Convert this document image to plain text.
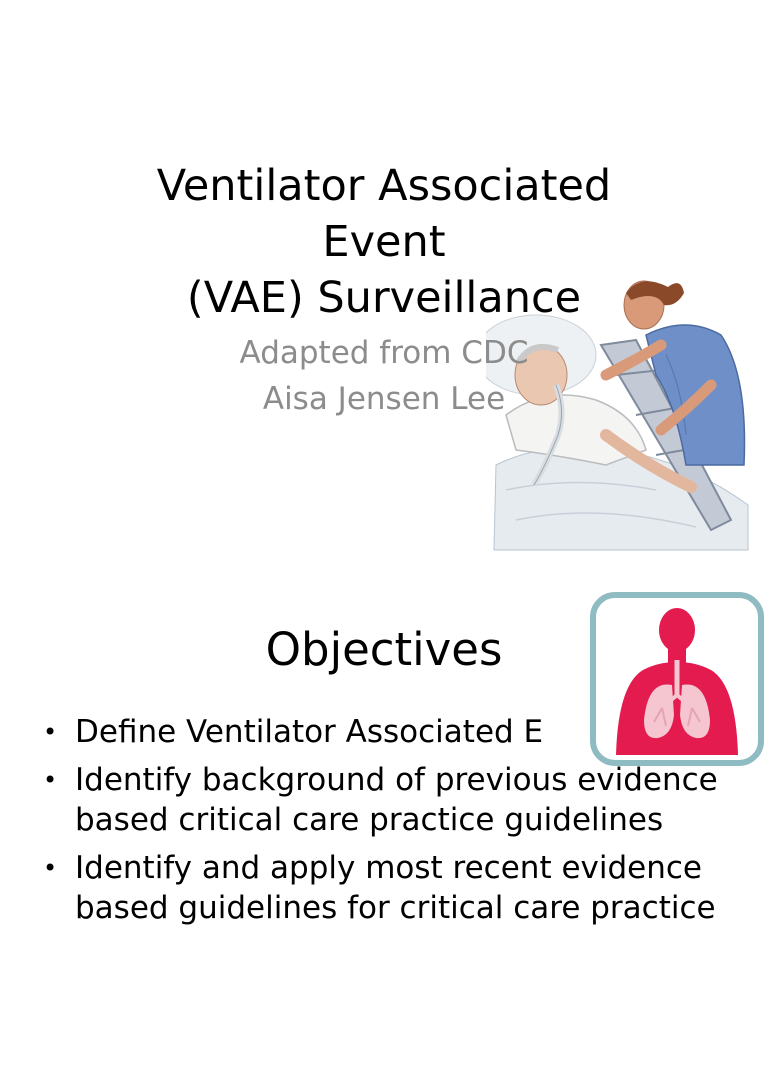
Ventilator Associated
Event
(VAE) Surveillance
Adapted from CDC
Aisa Jensen Lee
Objectives
• Define Ventilator Associated E
• Identify background of previous evidence based critical care practice guidelines
• Identify and apply most recent evidence based guidelines for critical care practice
